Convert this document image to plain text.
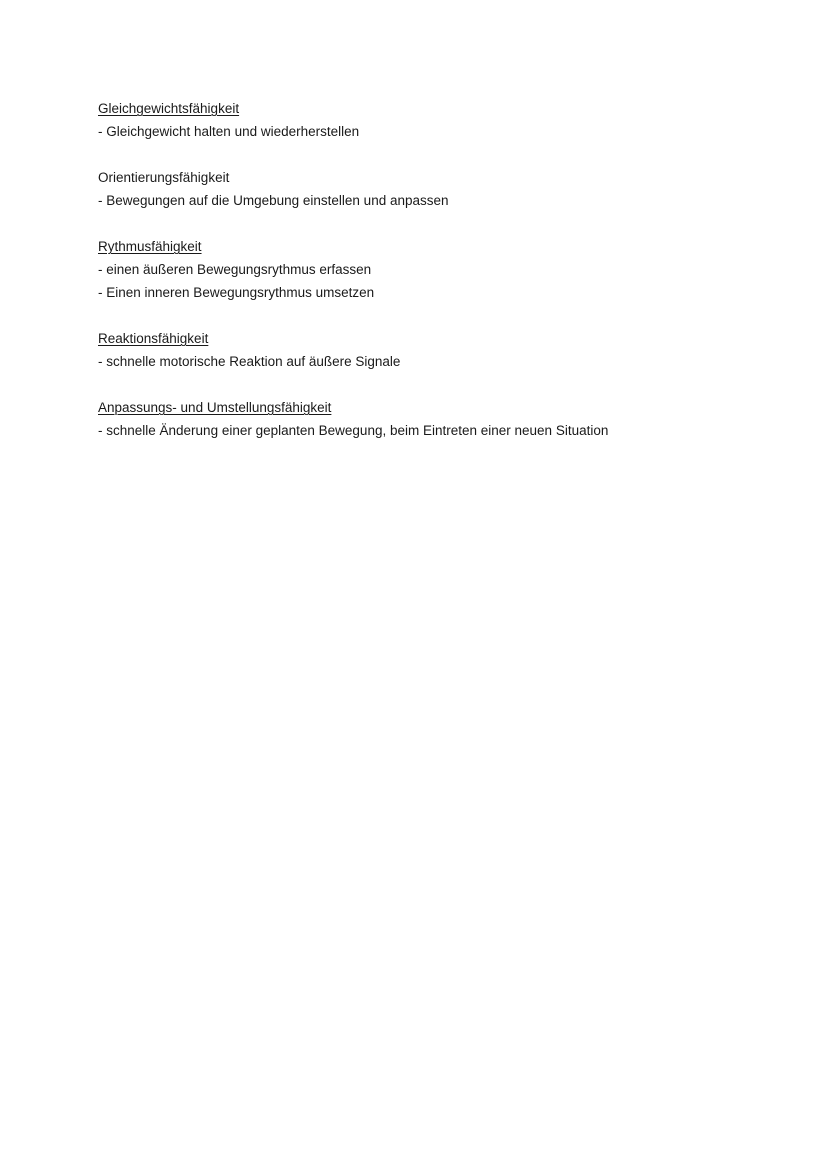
Gleichgewichtsfähigkeit
- Gleichgewicht halten und wiederherstellen
Orientierungsfähigkeit
- Bewegungen auf die Umgebung einstellen und anpassen
Rythmusfähigkeit
- einen äußeren Bewegungsrythmus erfassen
- Einen inneren Bewegungsrythmus umsetzen
Reaktionsfähigkeit
- schnelle motorische Reaktion auf äußere Signale
Anpassungs- und Umstellungsfähigkeit
- schnelle Änderung einer geplanten Bewegung, beim Eintreten einer neuen Situation
